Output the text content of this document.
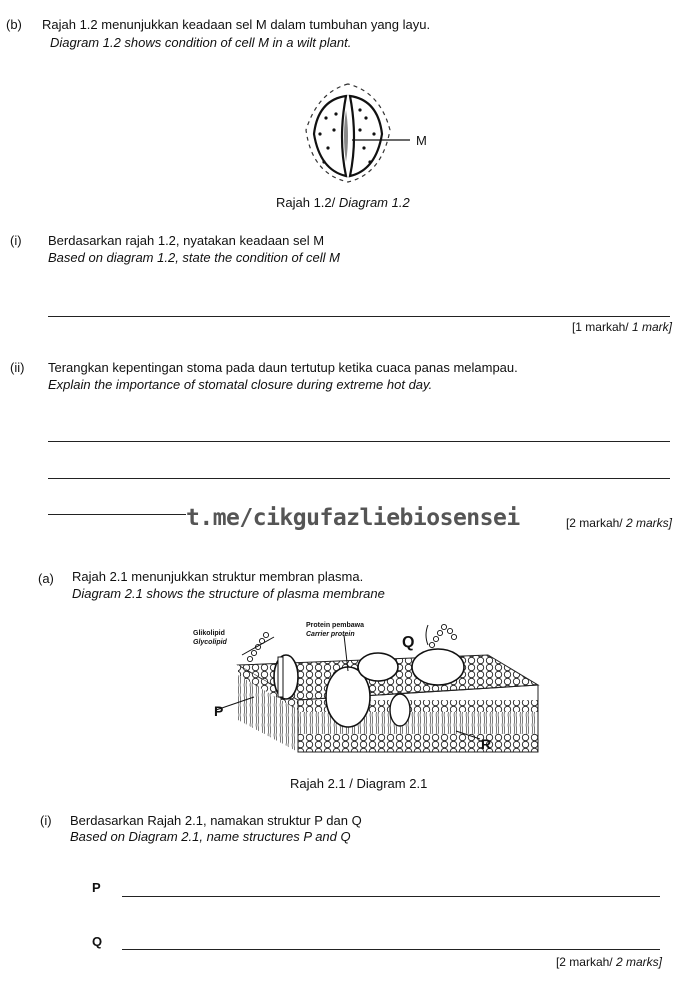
(b) Rajah 1.2 menunjukkan keadaan sel M dalam tumbuhan yang layu.
Diagram 1.2 shows condition of cell M in a wilt plant.
M
Rajah 1.2/ Diagram 1.2
(i) Berdasarkan rajah 1.2, nyatakan keadaan sel M
Based on diagram 1.2, state the condition of cell M
[1 markah/ 1 mark]
(ii) Terangkan kepentingan stoma pada daun tertutup ketika cuaca panas melampau.
Explain the importance of stomatal closure during extreme hot day.
t.me/cikgufazliebiosensei	[2 markah/ 2 marks]
(a) Rajah 2.1 menunjukkan struktur membran plasma.
Diagram 2.1 shows the structure of plasma membrane
Glikolipid
Glycolipid
Protein pembawa
Carrier protein	Q
P
R
Rajah 2.1 / Diagram 2.1
(i) Berdasarkan Rajah 2.1, namakan struktur P dan Q
Based on Diagram 2.1, name structures P and Q
P
Q
[2 markah/ 2 marks]
